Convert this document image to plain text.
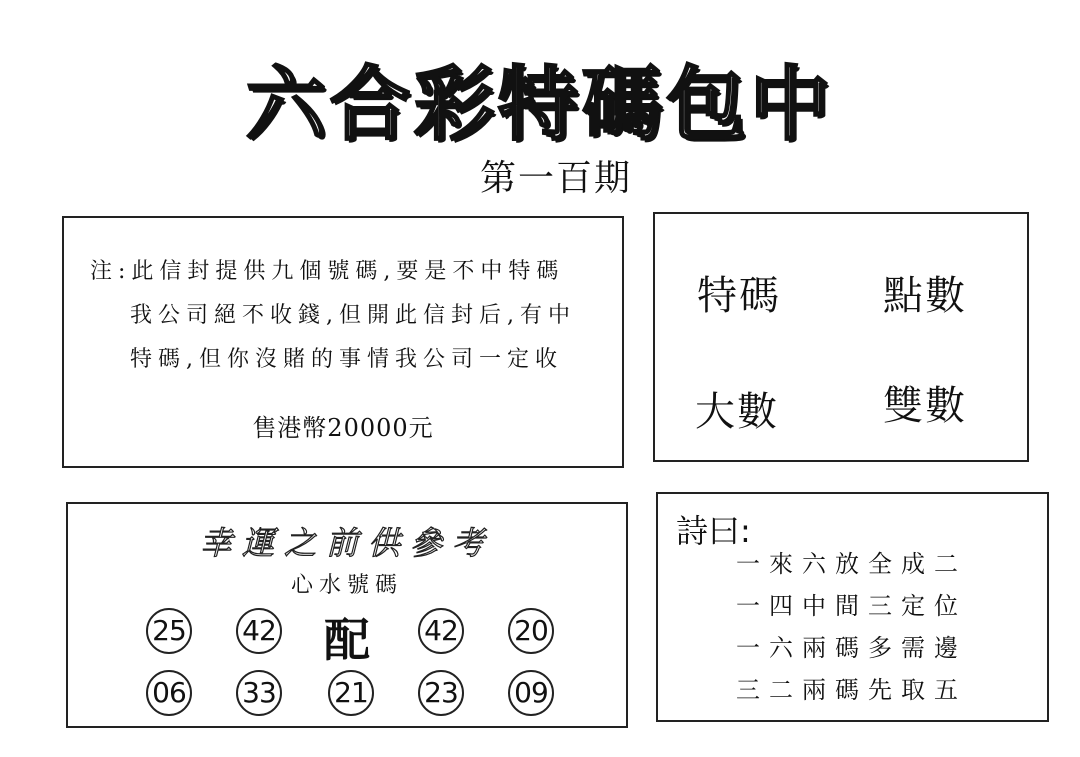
六合彩特碼包中
第一百期
注:此信封提供九個號碼,要是不中特碼
我公司絕不收錢,但開此信封后,有中
特碼,但你沒賭的事情我公司一定收
售港幣20000元
特碼	點數
大數	雙數
幸運之前供參考
心水號碼
25 42 配 42 20
06 33 21 23 09
詩曰:
一來六放全成二
一四中間三定位
一六兩碼多需邊
三二兩碼先取五
